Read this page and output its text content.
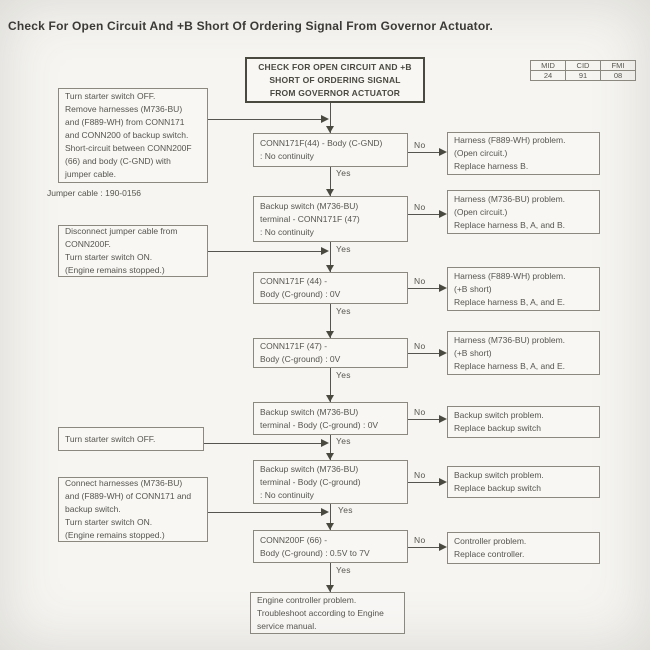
Check For Open Circuit And +B Short Of Ordering Signal From Governor Actuator.
CHECK FOR OPEN CIRCUIT AND +B
SHORT OF ORDERING SIGNAL
FROM GOVERNOR ACTUATOR
MID	CID	FMI
24	91	08
Turn starter switch OFF.
Remove harnesses (M736-BU)
and (F889-WH) from CONN171
and CONN200 of backup switch.
Short-circuit between CONN200F
(66) and body (C-GND) with
jumper cable.
Jumper cable : 190-0156
Disconnect jumper cable from
CONN200F.
Turn starter switch ON.
(Engine remains stopped.)
Turn starter switch OFF.
Connect harnesses (M736-BU)
and (F889-WH) of CONN171 and
backup switch.
Turn starter switch ON.
(Engine remains stopped.)
CONN171F(44) - Body (C-GND)
: No continuity
Backup switch (M736-BU)
terminal - CONN171F (47)
: No continuity
CONN171F (44) -
Body (C-ground) : 0V
CONN171F (47) -
Body (C-ground) : 0V
Backup switch (M736-BU)
terminal - Body (C-ground) : 0V
Backup switch (M736-BU)
terminal - Body (C-ground)
: No continuity
CONN200F (66) -
Body (C-ground) : 0.5V to 7V
Engine controller problem.
Troubleshoot according to Engine
service manual.
Harness (F889-WH) problem.
(Open circuit.)
Replace harness B.
Harness (M736-BU) problem.
(Open circuit.)
Replace harness B, A, and B.
Harness (F889-WH) problem.
(+B short)
Replace harness B, A, and E.
Harness (M736-BU) problem.
(+B short)
Replace harness B, A, and E.
Backup switch problem.
Replace backup switch
Backup switch problem.
Replace backup switch
Controller problem.
Replace controller.
Yes
Yes
Yes
Yes
Yes
Yes
Yes
No
No
No
No
No
No
No
